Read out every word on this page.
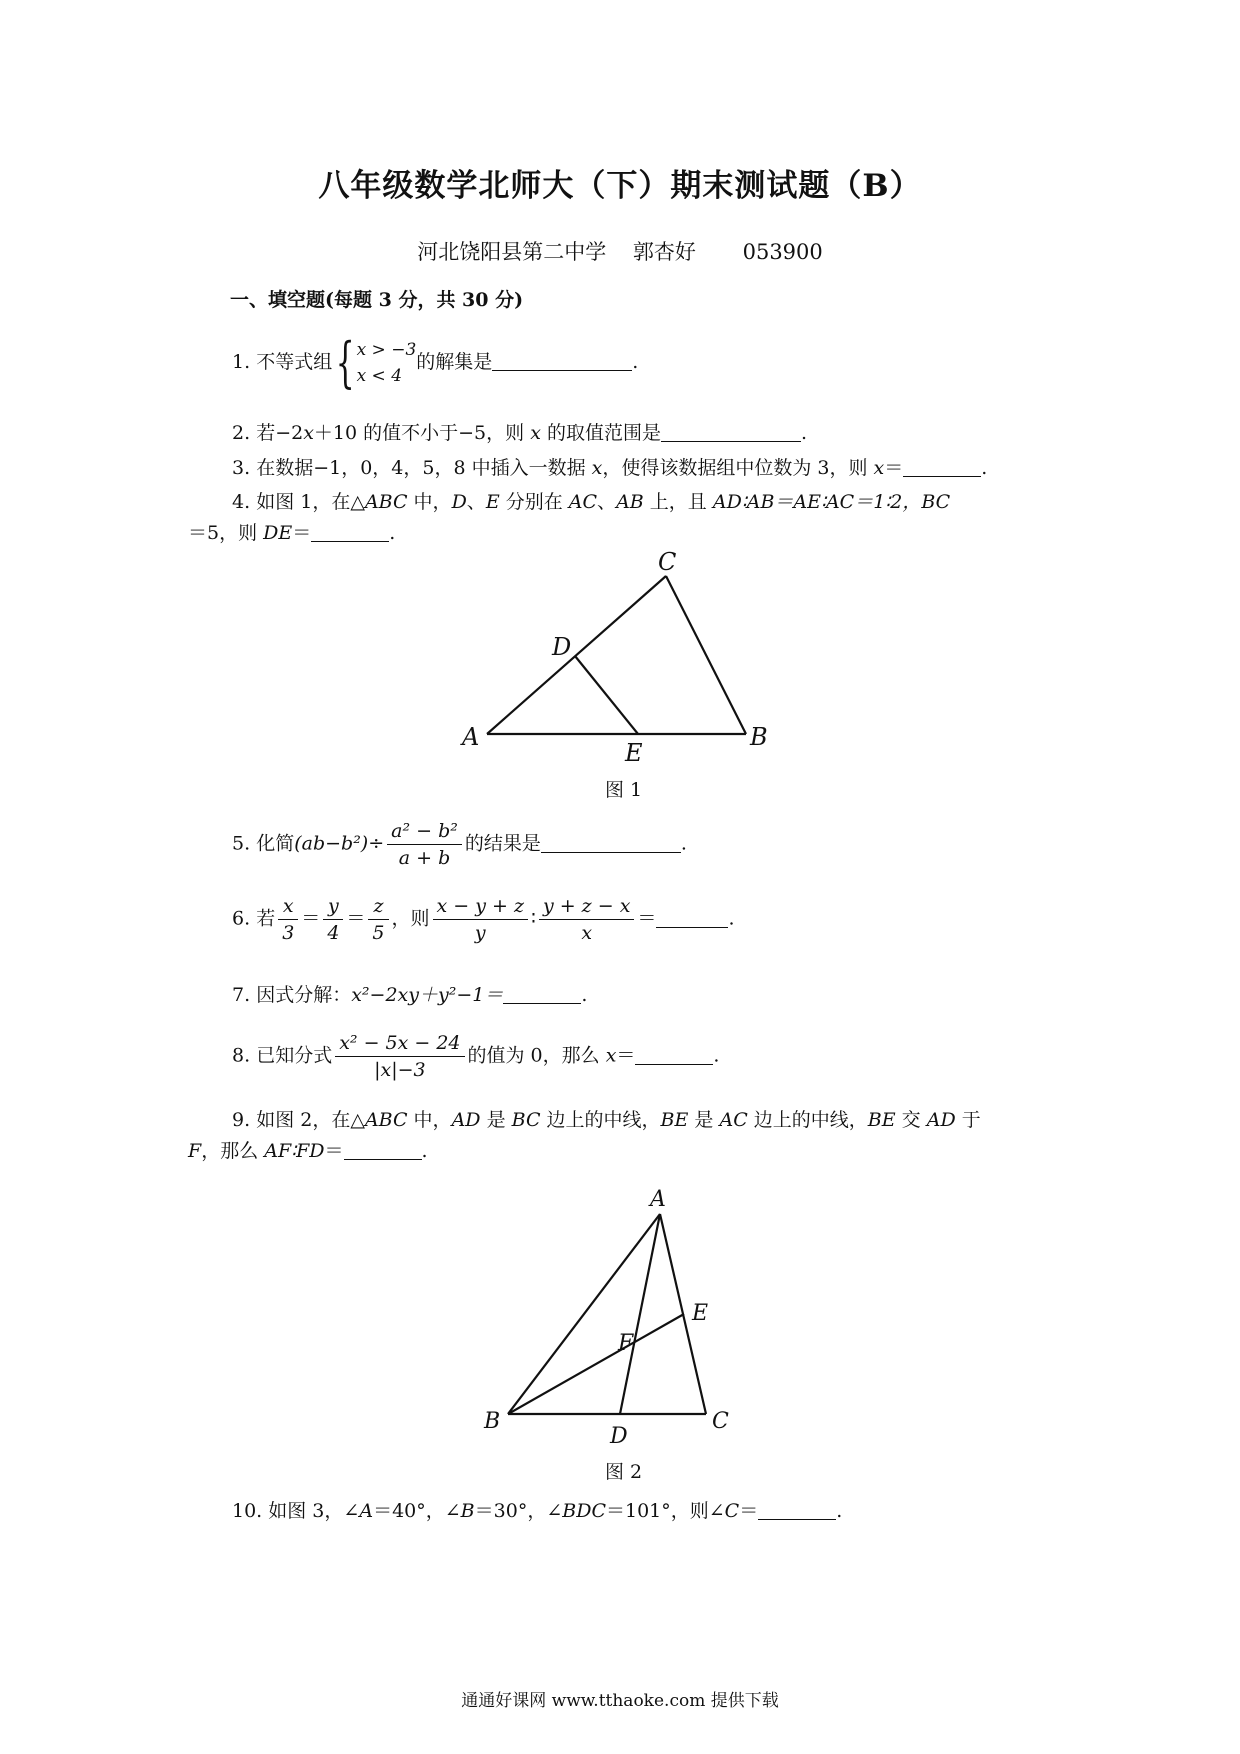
八年级数学北师大（下）期末测试题（B）
河北饶阳县第二中学 郭杏好 053900
一、填空题(每题 3 分，共 30 分)
1. 不等式组{ x > −3
x < 4
的解集是	.
2. 若−2x＋10 的值不小于−5，则 x 的取值范围是	.
3. 在数据−1，0，4，5，8 中插入一数据 x，使得该数据组中位数为 3，则 x＝	.
4. 如图 1，在△ABC 中，D、E 分别在 AC、AB 上，且 AD∶AB＝AE∶AC＝1∶2，BC
＝5，则 DE＝	.
A	B
C
D
E
图 1
5. 化简$(ab-b^2)\div \frac{\text{a² − b²}}{a + b}$ 的结果是	.
6. 若 $\frac{x}{3} = \frac{y}{4} = \frac{z}{5}$ ，则 $\frac{x - y + z}{y}$ ∶ $\frac{y + z - x}{x}$ ＝	.
7. 因式分解：x²−2xy＋y²−1＝	.
8. 已知分式 $\frac{\text{x² − 5x − 24}}{|x|-3}$ 的值为 0，那么 x＝	.
9. 如图 2，在△ABC 中，AD 是 BC 边上的中线，BE 是 AC 边上的中线，BE 交 AD 于
F，那么 AF∶FD＝	.
A
B	C
D
E
F
图 2
10. 如图 3，∠A＝40°，∠B＝30°，∠BDC＝101°，则∠C＝	.
通通好课网 www.tthaoke.com 提供下载
